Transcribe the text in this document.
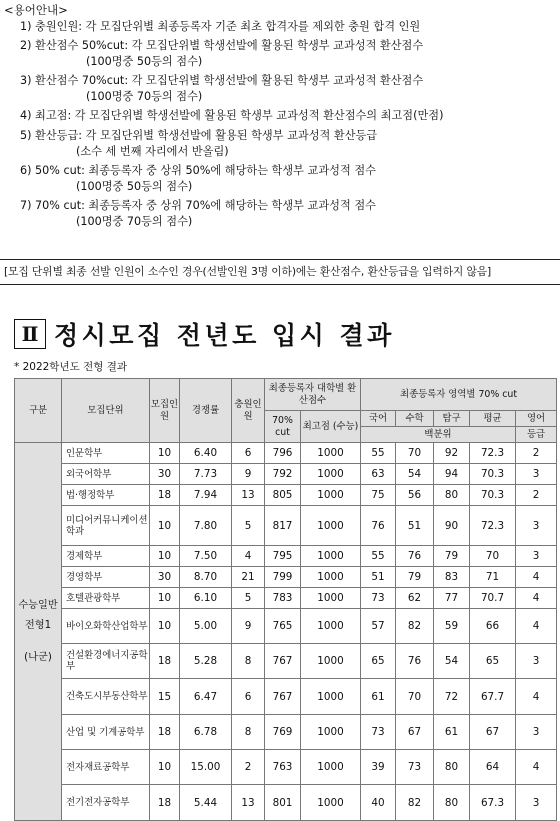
<용어안내>
1) 충원인원: 각 모집단위별 최종등록자 기준 최초 합격자를 제외한 충원 합격 인원
2) 환산점수 50%cut: 각 모집단위별 학생선발에 활용된 학생부 교과성적 환산점수
(100명중 50등의 점수)
3) 환산점수 70%cut: 각 모집단위별 학생선발에 활용된 학생부 교과성적 환산점수
(100명중 70등의 점수)
4) 최고점: 각 모집단위별 학생선발에 활용된 학생부 교과성적 환산점수의 최고점(만점)
5) 환산등급: 각 모집단위별 학생선발에 활용된 학생부 교과성적 환산등급
(소수 세 번째 자리에서 반올림)
6) 50% cut: 최종등록자 중 상위 50%에 해당하는 학생부 교과성적 점수
(100명중 50등의 점수)
7) 70% cut: 최종등록자 중 상위 70%에 해당하는 학생부 교과성적 점수
(100명중 70등의 점수)
[모집 단위별 최종 선발 인원이 소수인 경우(선발인원 3명 이하)에는 환산점수, 환산등급을 입력하지 않음]
Ⅱ 정시모집 전년도 입시 결과
* 2022학년도 전형 결과
구분	모집단위	모집인원	경쟁률	충원인원	최종등록자 대학별 환산점수		최종등록자 영역별 70% cut				
					70% cut	최고점 (수능)	국어	수학	탐구	평균	영어
							백분위				등급

수능일반
전형1
(나군)	인문학부	10	6.40	6	796	1000	55	70	92	72.3	2
	외국어학부	30	7.73	9	792	1000	63	54	94	70.3	3
	법·행정학부	18	7.94	13	805	1000	75	56	80	70.3	2
	미디어커뮤니케이션학과	10	7.80	5	817	1000	76	51	90	72.3	3
	경제학부	10	7.50	4	795	1000	55	76	79	70	3
	경영학부	30	8.70	21	799	1000	51	79	83	71	4
	호텔관광학부	10	6.10	5	783	1000	73	62	77	70.7	4
	바이오화학산업학부	10	5.00	9	765	1000	57	82	59	66	4
	건설환경에너지공학부	18	5.28	8	767	1000	65	76	54	65	3
	건축도시부동산학부	15	6.47	6	767	1000	61	70	72	67.7	4
	산업 및 기계공학부	18	6.78	8	769	1000	73	67	61	67	3
	전자재료공학부	10	15.00	2	763	1000	39	73	80	64	4
	전기전자공학부	18	5.44	13	801	1000	40	82	80	67.3	3
